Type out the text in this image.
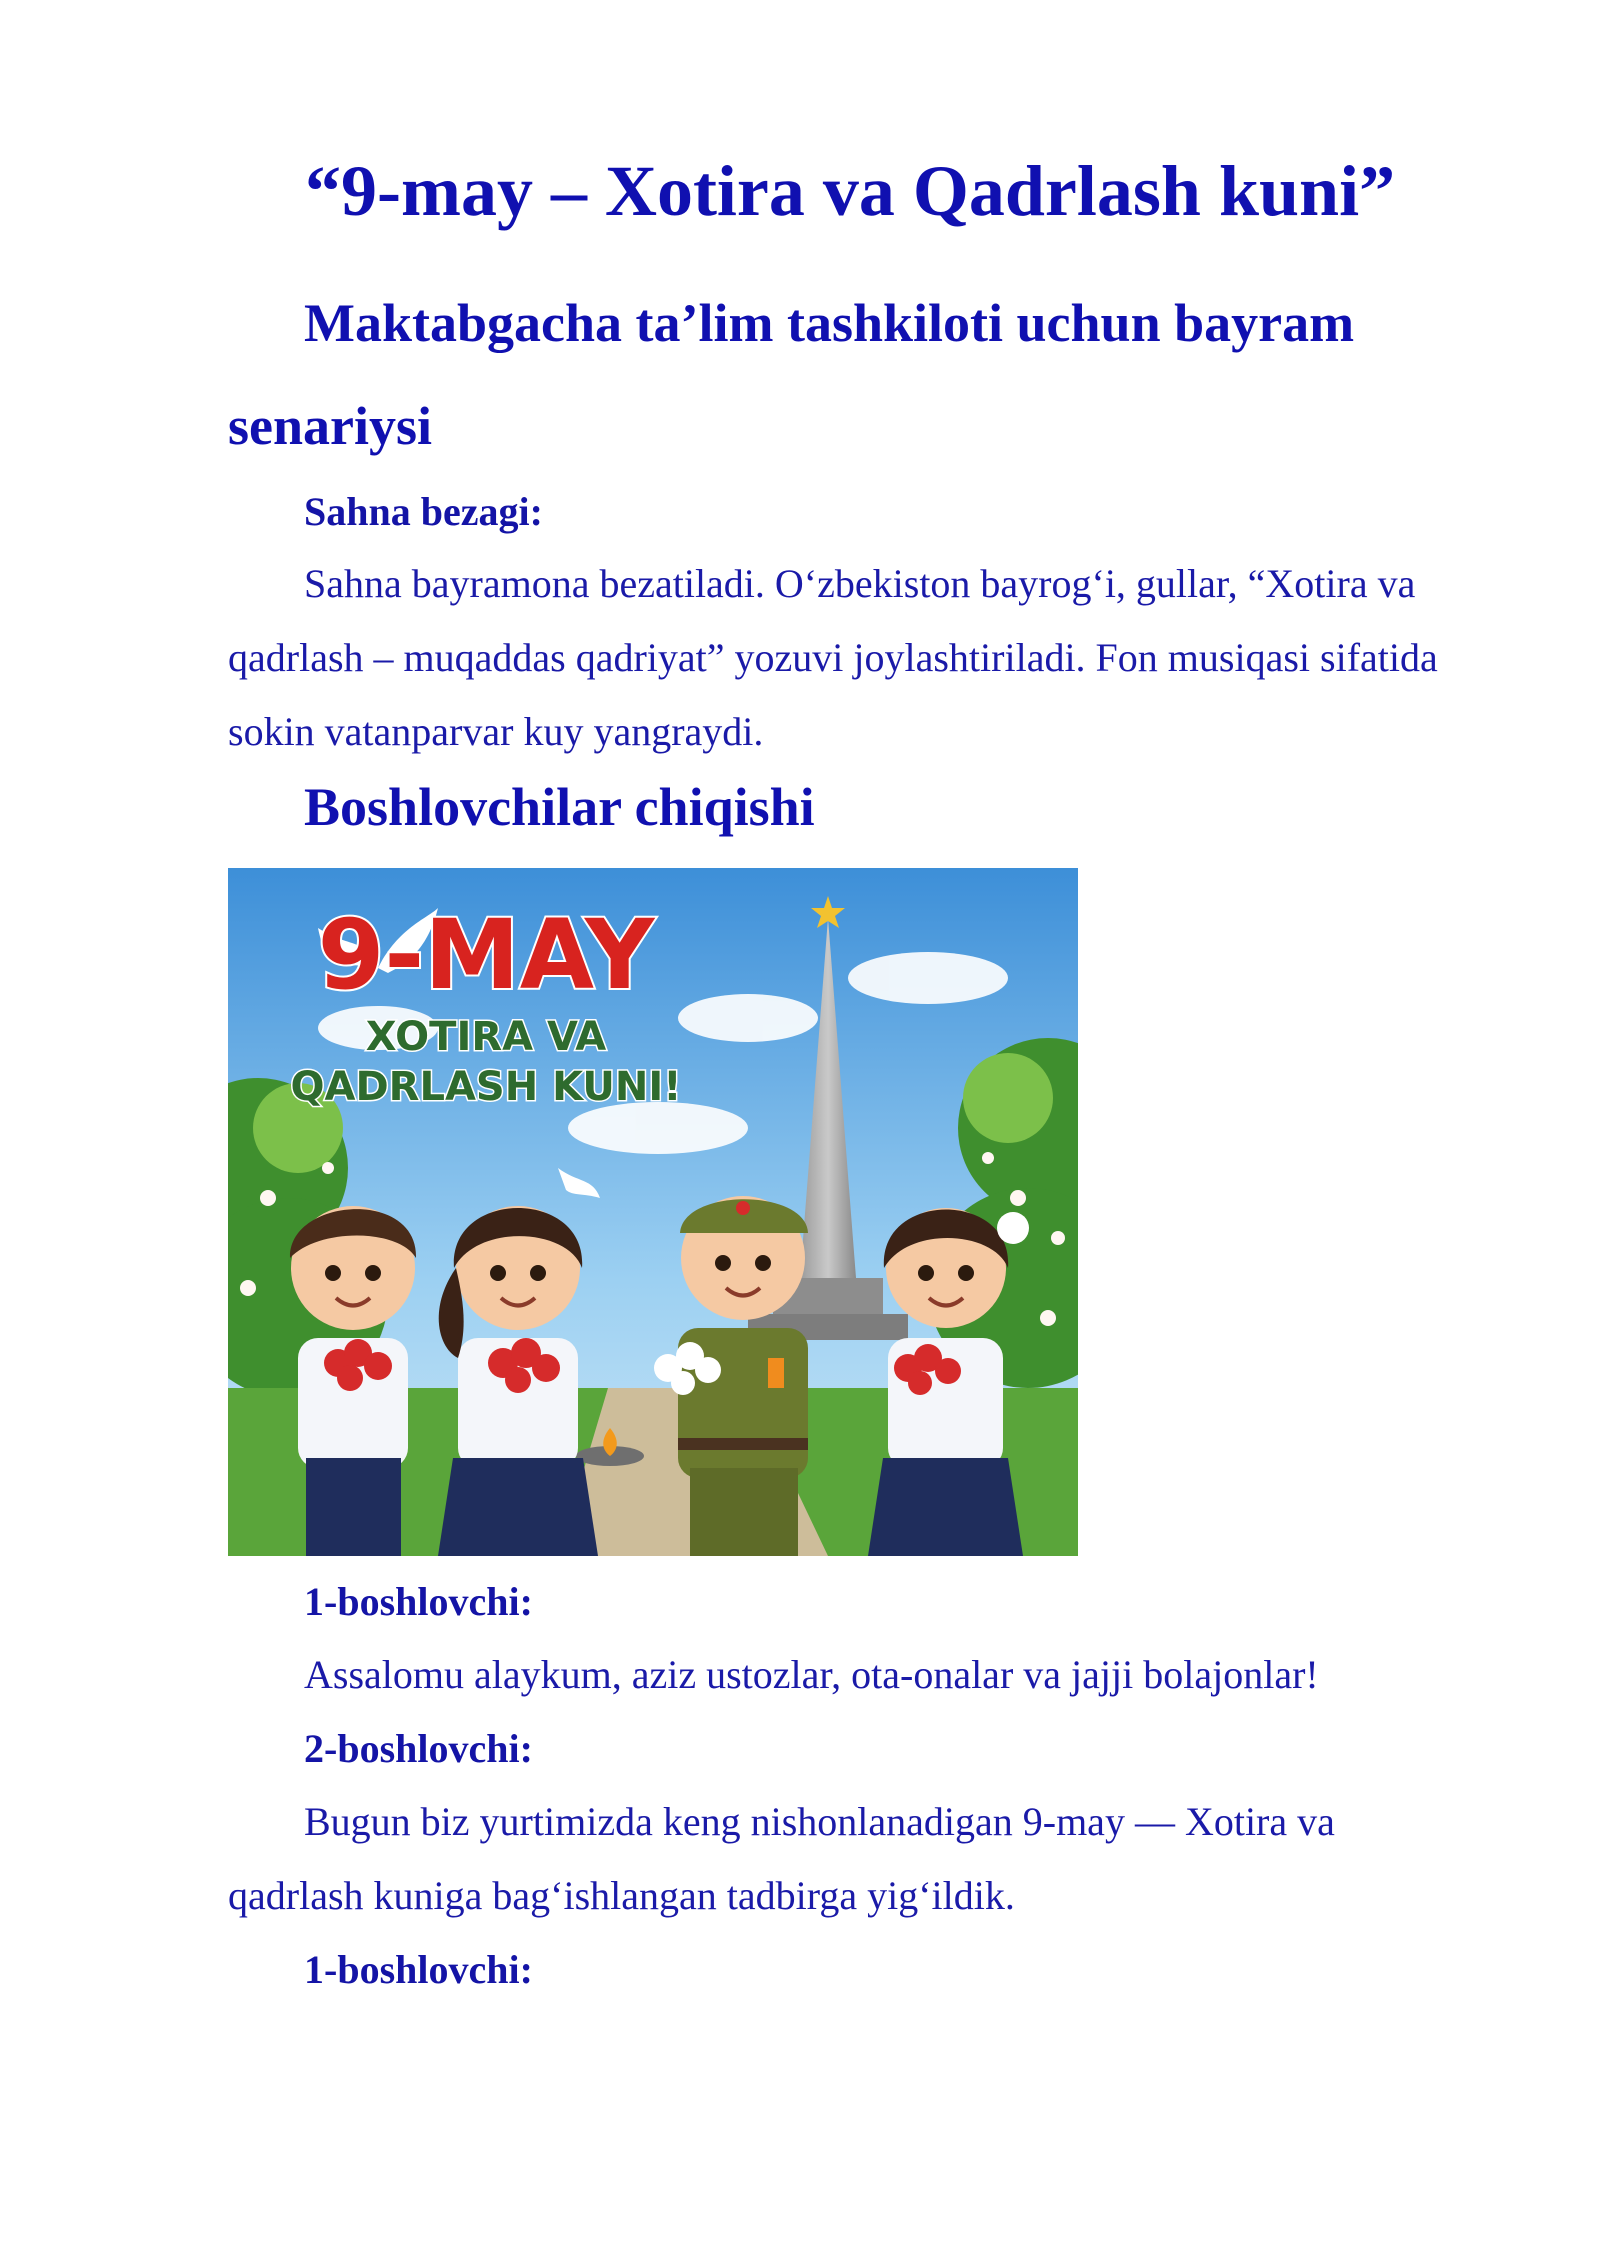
“9-may – Xotira va Qadrlash kuni”
Maktabgacha ta’lim tashkiloti uchun bayram senariysi

Sahna bezagi:

Sahna bayramona bezatiladi. O‘zbekiston bayrog‘i, gullar, “Xotira va qadrlash – muqaddas qadriyat” yozuvi joylashtiriladi. Fon musiqasi sifatida sokin vatanparvar kuy yangraydi.

Boshlovchilar chiqishi
9-MAY
XOTIRA VA
QADRLASH KUNI!

1-boshlovchi:

Assalomu alaykum, aziz ustozlar, ota-onalar va jajji bolajonlar!

2-boshlovchi:

Bugun biz yurtimizda keng nishonlanadigan 9-may — Xotira va qadrlash kuniga bag‘ishlangan tadbirga yig‘ildik.

1-boshlovchi:
